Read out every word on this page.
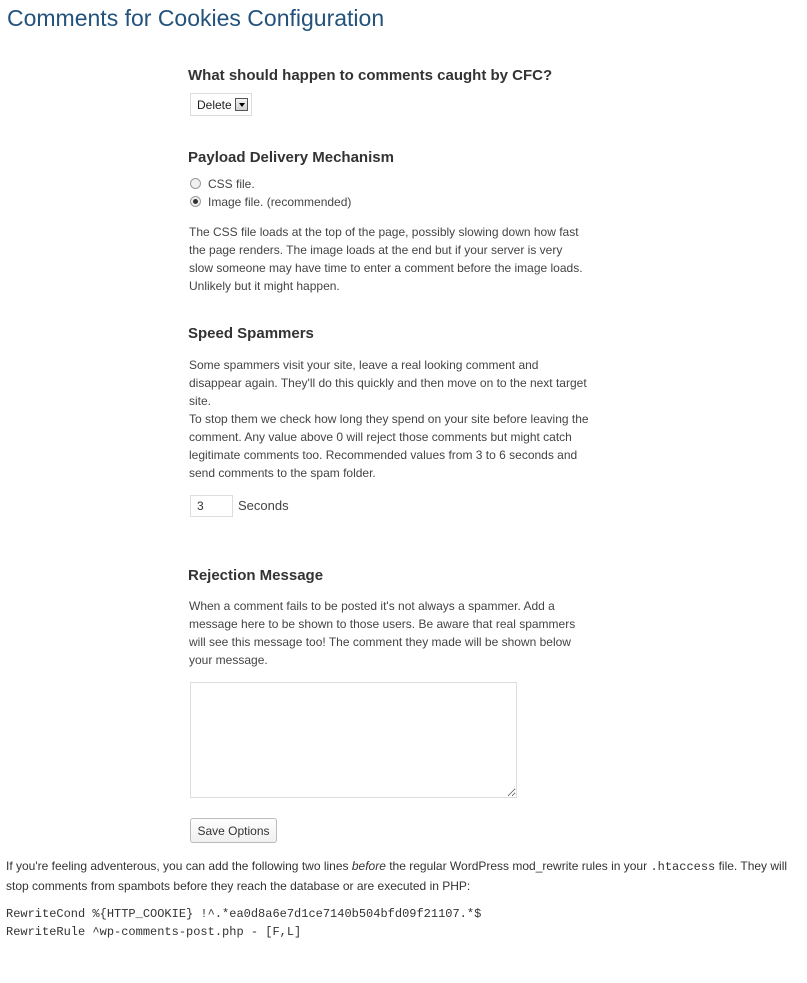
Comments for Cookies Configuration
What should happen to comments caught by CFC?
Delete
Payload Delivery Mechanism
CSS file.
Image file. (recommended)

The CSS file loads at the top of the page, possibly slowing down how fast the page renders. The image loads at the end but if your server is very slow someone may have time to enter a comment before the image loads. Unlikely but it might happen.

Speed Spammers

Some spammers visit your site, leave a real looking comment and disappear again. They'll do this quickly and then move on to the next target site.

To stop them we check how long they spend on your site before leaving the comment. Any value above 0 will reject those comments but might catch legitimate comments too. Recommended values from 3 to 6 seconds and send comments to the spam folder.

3
Seconds
Rejection Message

When a comment fails to be posted it's not always a spammer. Add a message here to be shown to those users. Be aware that real spammers will see this message too! The comment they made will be shown below your message.

Save Options

If you're feeling adventerous, you can add the following two lines before the regular WordPress mod_rewrite rules in your .htaccess file. They will stop comments from spambots before they reach the database or are executed in PHP:

RewriteCond %{HTTP_COOKIE} !^.*ea0d8a6e7d1ce7140b504bfd09f21107.*$
RewriteRule ^wp-comments-post.php - [F,L]
